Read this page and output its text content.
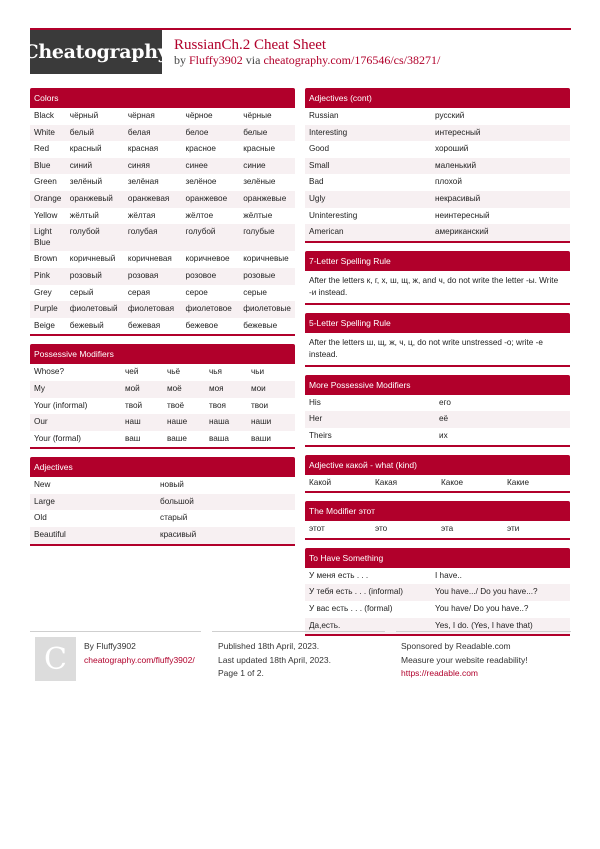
Cheatography RussianCh.2 Cheat Sheet
by Fluffy3902 via cheatography.com/176546/cs/38271/
Colors
Black	чёрный	чёрная	чёрное	чёрные
White	белый	белая	белое	белые
Red	красный	красная	красное	красные
Blue	синий	синяя	синее	синие
Green	зелёный	зелёная	зелёное	зелёные
Orange	оранжевый	оранжевая	оранжевое	оранжевые
Yellow	жёлтый	жёлтая	жёлтое	жёлтые
Light Blue	голубой	голубая	голубой	голубые
Brown	коричневый	коричневая	коричневое	коричневые
Pink	розовый	розовая	розовое	розовые
Grey	серый	серая	серое	серые
Purple	фиолетовый	фиолетовая	фиолетовое	фиолетовые
Beige	бежевый	бежевая	бежевое	бежевые
Possessive Modifiers
Whose?	чей	чьё	чья	чьи
My	мой	моё	моя	мои
Your (informal)	твой	твоё	твоя	твои
Our	наш	наше	наша	наши
Your (formal)	ваш	ваше	ваша	ваши
Adjectives
New	новый
Large	большой
Old	старый
Beautiful	красивый
Adjectives (cont)
Russian	русский
Interesting	интересный
Good	хороший
Small	маленький
Bad	плохой
Ugly	некрасивый
Uninteresting	неинтересный
American	американский
7-Letter Spelling Rule
After the letters к, г, х, ш, щ, ж, and ч, do not write the letter -ы. Write -и instead.
5-Letter Spelling Rule
After the letters ш, щ, ж, ч, ц, do not write unstressed -о; write -е instead.
More Possessive Modifiers
His	его
Her	её
Theirs	их
Adjective какой - what (kind)
Какой	Какая	Какое	Какие
The Modifier этот
этот	это	эта	эти
To Have Something
У меня есть . . .	I have..
У тебя есть . . . (informal)	You have.../ Do you have...?
У вас есть . . . (formal)	You have/ Do you have..?
Да,есть.	Yes, I do. (Yes, I have that)
C	By Fluffy3902
cheatography.com/fluffy3902/
Published 18th April, 2023.
Last updated 18th April, 2023.
Page 1 of 2.
Sponsored by Readable.com
Measure your website readability!
https://readable.com
